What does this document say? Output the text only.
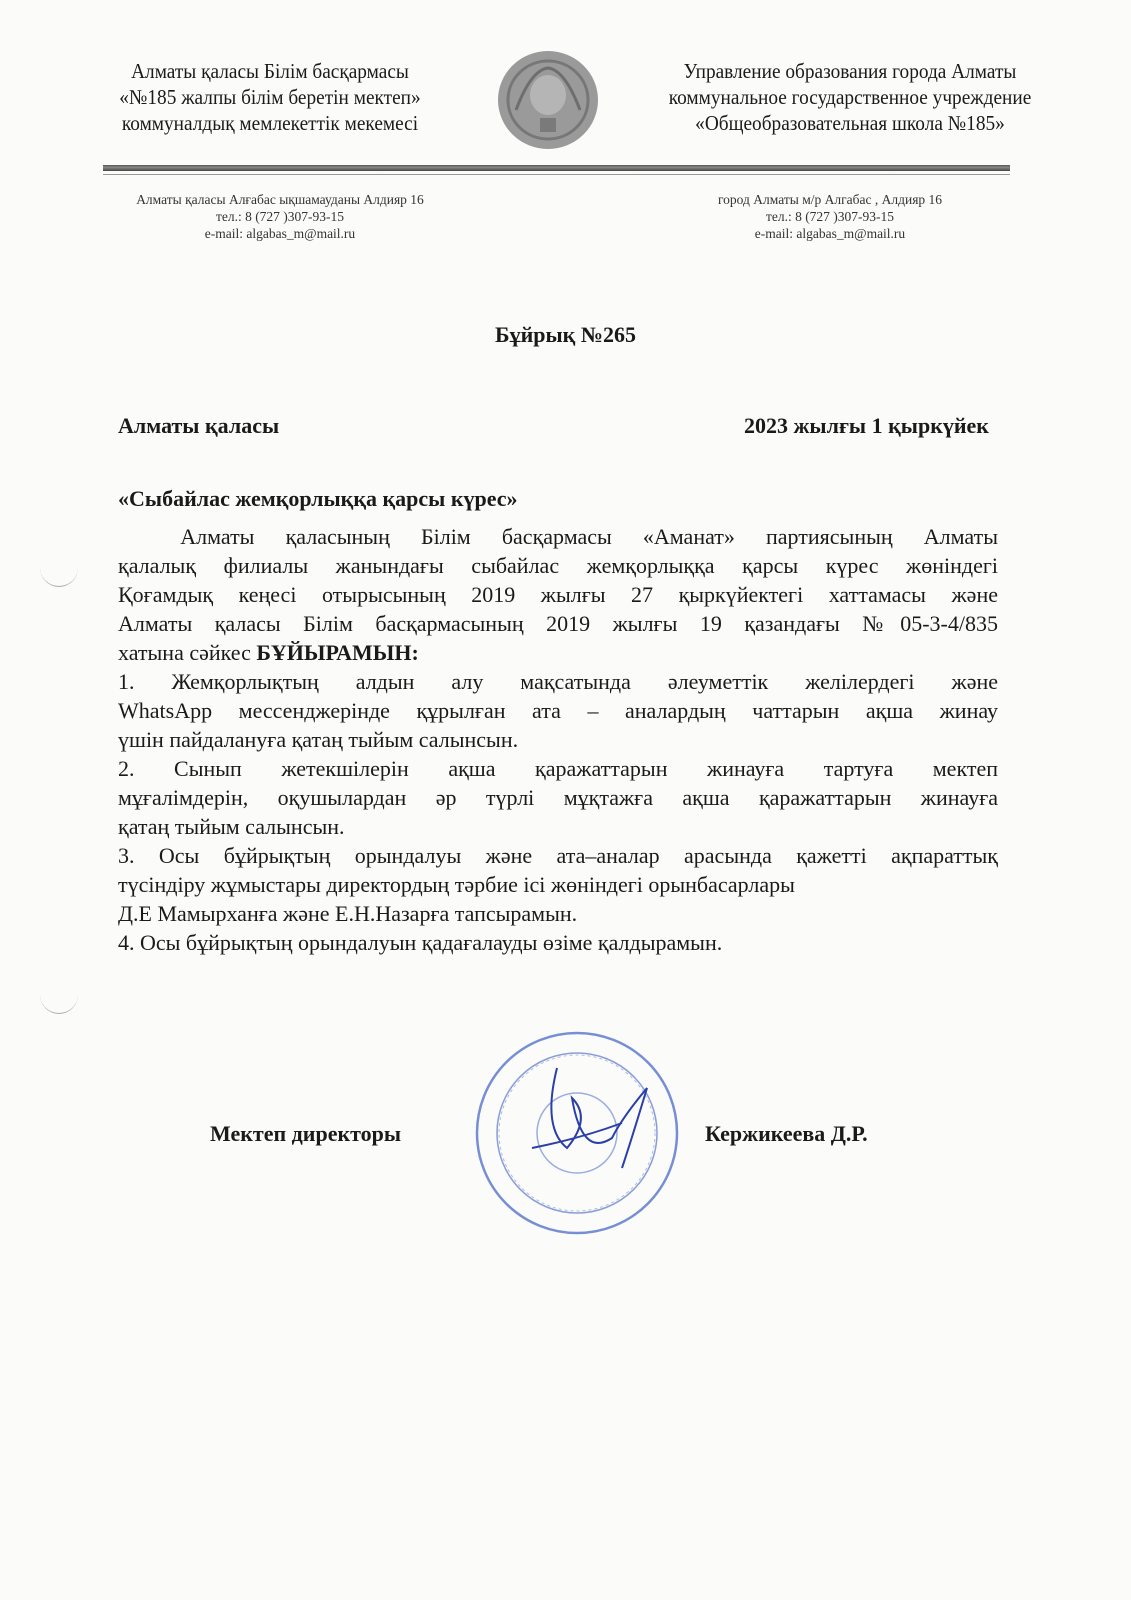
Алматы қаласы Білім басқармасы
«№185 жалпы білім беретін мектеп»
коммуналдық мемлекеттік мекемесі
Управление образования города Алматы
коммунальное государственное учреждение
«Общеобразовательная школа №185»
Алматы қаласы Алғабас ықшамауданы Алдияр 16
тел.: 8 (727 )307-93-15
e-mail: algabas_m@mail.ru
город Алматы м/р Алгабас , Алдияр 16
тел.: 8 (727 )307-93-15
e-mail: algabas_m@mail.ru
Бұйрық №265
Алматы қаласы	2023 жылғы 1 қыркүйек
«Сыбайлас жемқорлыққа қарсы күрес»
Алматы қаласының Білім басқармасы «Аманат» партиясының Алматы
қалалық филиалы жанындағы сыбайлас жемқорлыққа қарсы күрес жөніндегі
Қоғамдық кеңесі отырысының 2019 жылғы 27 қыркүйектегі хаттамасы және
Алматы қаласы Білім басқармасының 2019 жылғы 19 қазандағы №05-3-4/835
хатына сәйкес БҰЙЫРАМЫН:
1. Жемқорлықтың алдын алу мақсатында әлеуметтік желілердегі және
WhatsApp мессенджерінде құрылған ата – аналардың чаттарын ақша жинау
үшін пайдалануға қатаң тыйым салынсын.
2. Сынып жетекшілерін ақша қаражаттарын жинауға тартуға мектеп
мұғалімдерін, оқушылардан әр түрлі мұқтажға ақша қаражаттарын жинауға
қатаң тыйым салынсын.
3. Осы бұйрықтың орындалуы және ата–аналар арасында қажетті ақпараттық
түсіндіру жұмыстары директордың тәрбие ісі жөніндегі орынбасарлары
Д.Е Мамырханға және Е.Н.Назарға тапсырамын.
4. Осы бұйрықтың орындалуын қадағалауды өзіме қалдырамын.
Мектеп директоры	Кержикеева Д.Р.
